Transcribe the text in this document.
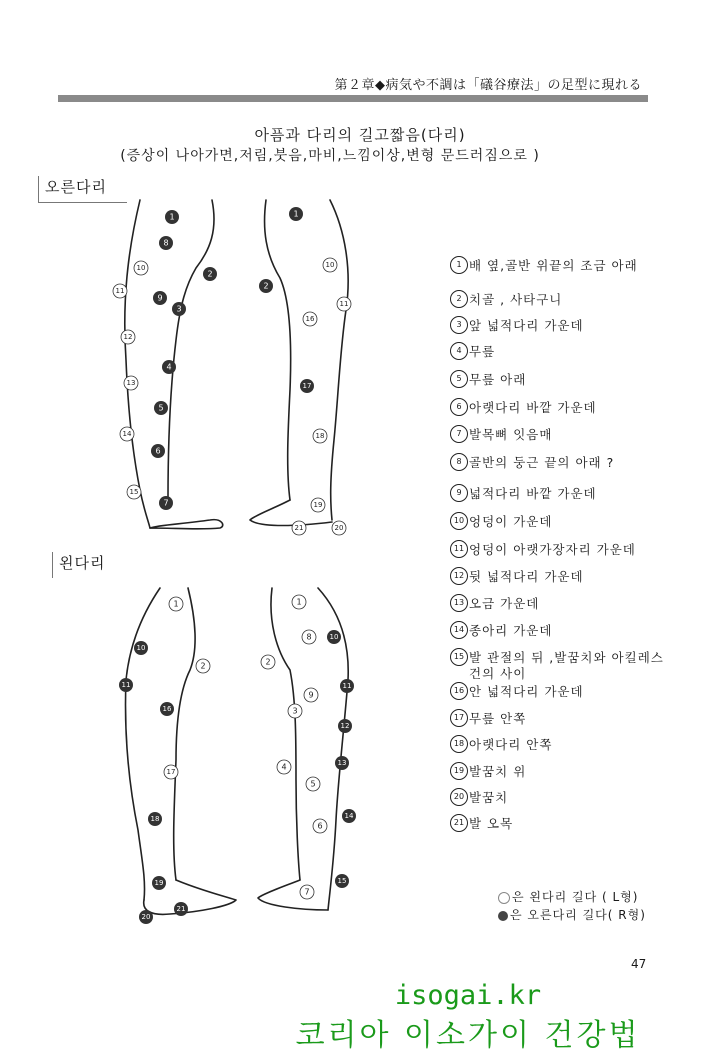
第２章◆病気や不調は「礒谷療法」の足型に現れる
아픔과 다리의 길고짧음(다리)
(증상이 나아가면,저림,붓음,마비,느낌이상,변형 문드러짐으로 )
오른다리
왼다리
1
8
10
2
11
9
3
12
4
13
5
14
6
15
7
1
10
2
11
16
17
18
19
21	20
1
10
2
11
16
17
18
19
20
21
1
8	10
2
11
9
3
12
4	13
5
6
14
7
15
1 배 옆,골반 위끝의 조금 아래
2 치골 , 사타구니
3 앞 넓적다리 가운데
4 무릎
5 무릎 아래
6 아랫다리 바깥 가운데
7 발목뼈 잇음매
8 골반의 둥근 끝의 아래 ?
9 넓적다리 바깥 가운데
10 엉덩이 가운데
11 엉덩이 아랫가장자리 가운데
12 뒷 넓적다리 가운데
13 오금 가운데
14 종아리 가운데
15 발 관절의 뒤 ,발꿈치와 아킬레스
건의 사이
16 안 넓적다리 가운데
17 무릎 안쪽
18 아랫다리 안쪽
19 발꿈치 위
20 발꿈치
21 발 오목
은 왼다리 길다 ( L형)
은 오른다리 길다( R형)
47
isogai.kr
코리아 이소가이 건강법
